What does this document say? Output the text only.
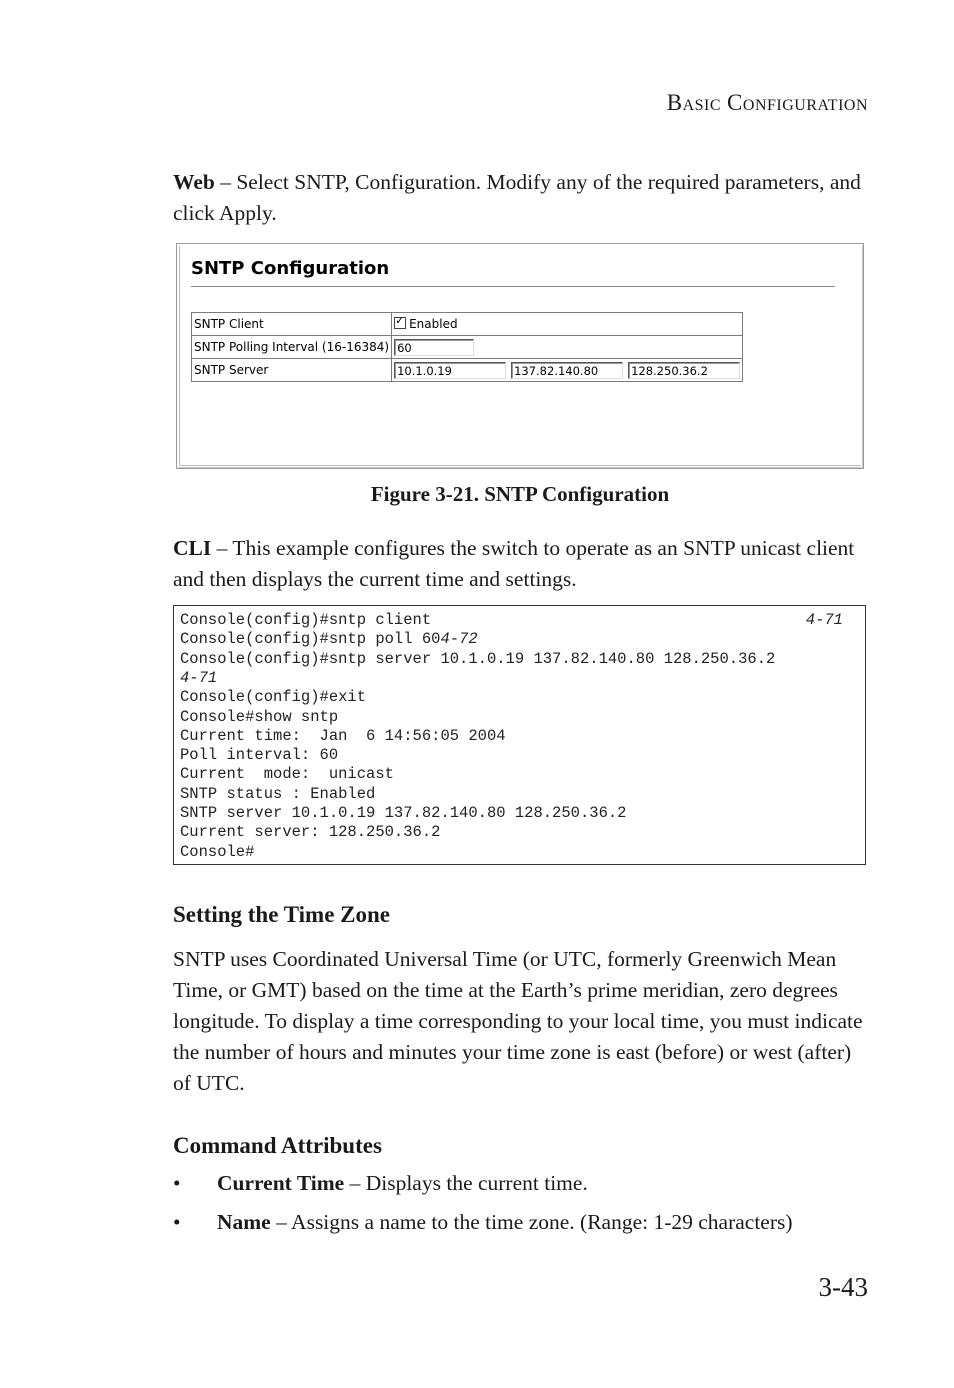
BASIC CONFIGURATION
Web – Select SNTP, Configuration. Modify any of the required parameters, and click Apply.
SNTP Configuration
SNTP Client	✓Enabled
SNTP Polling Interval (16-16384)	60
SNTP Server	10.1.0.19 137.82.140.80 128.250.36.2
Figure 3-21. SNTP Configuration
CLI – This example configures the switch to operate as an SNTP unicast client and then displays the current time and settings.
Console(config)#sntp client	4-71
Console(config)#sntp poll 604-72
Console(config)#sntp server 10.1.0.19 137.82.140.80 128.250.36.2
4-71
Console(config)#exit
Console#show sntp
Current time:  Jan  6 14:56:05 2004
Poll interval: 60
Current  mode:  unicast
SNTP status : Enabled
SNTP server 10.1.0.19 137.82.140.80 128.250.36.2
Current server: 128.250.36.2
Console#
Setting the Time Zone
SNTP uses Coordinated Universal Time (or UTC, formerly Greenwich Mean Time, or GMT) based on the time at the Earth’s prime meridian, zero degrees longitude. To display a time corresponding to your local time, you must indicate the number of hours and minutes your time zone is east (before) or west (after) of UTC.
Command Attributes
• Current Time – Displays the current time.
• Name – Assigns a name to the time zone. (Range: 1-29 characters)
3-43
